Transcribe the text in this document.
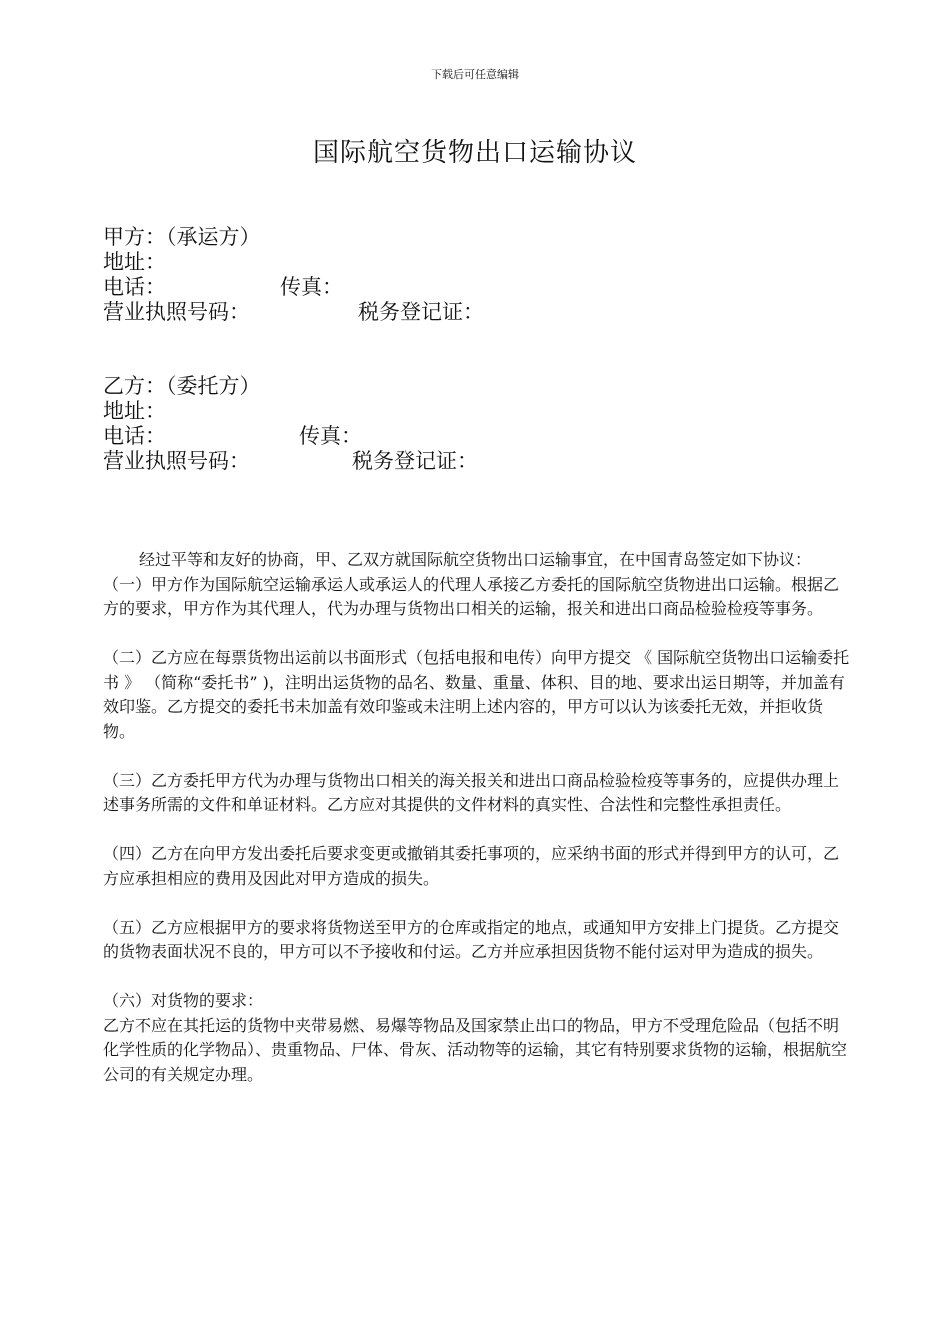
下载后可任意编辑
国际航空货物出口运输协议
甲方：（承运方）
地址：
电话：	传真：
营业执照号码：	税务登记证：
乙方：（委托方）
地址：
电话：	传真：
营业执照号码：	税务登记证：

经过平等和友好的协商，甲、乙双方就国际航空货物出口运输事宜，在中国青岛签定如下协议：

（一）甲方作为国际航空运输承运人或承运人的代理人承接乙方委托的国际航空货物进出口运输。根据乙方的要求，甲方作为其代理人，代为办理与货物出口相关的运输，报关和进出口商品检验检疫等事务。

（二）乙方应在每票货物出运前以书面形式（包括电报和电传）向甲方提交 《 国际航空货物出口运输委托书 》 （简称“委托书” )，注明出运货物的品名、数量、重量、体积、目的地、要求出运日期等，并加盖有效印鉴。乙方提交的委托书未加盖有效印鉴或未注明上述内容的，甲方可以认为该委托无效，并拒收货物。

（三）乙方委托甲方代为办理与货物出口相关的海关报关和进出口商品检验检疫等事务的，应提供办理上述事务所需的文件和单证材料。乙方应对其提供的文件材料的真实性、合法性和完整性承担责任。

（四）乙方在向甲方发出委托后要求变更或撤销其委托事项的，应采纳书面的形式并得到甲方的认可，乙方应承担相应的费用及因此对甲方造成的损失。

（五）乙方应根据甲方的要求将货物送至甲方的仓库或指定的地点，或通知甲方安排上门提货。乙方提交的货物表面状况不良的，甲方可以不予接收和付运。乙方并应承担因货物不能付运对甲为造成的损失。

（六）对货物的要求：

乙方不应在其托运的货物中夹带易燃、易爆等物品及国家禁止出口的物品，甲方不受理危险品（包括不明化学性质的化学物品）、贵重物品、尸体、骨灰、活动物等的运输，其它有特别要求货物的运输，根据航空公司的有关规定办理。
